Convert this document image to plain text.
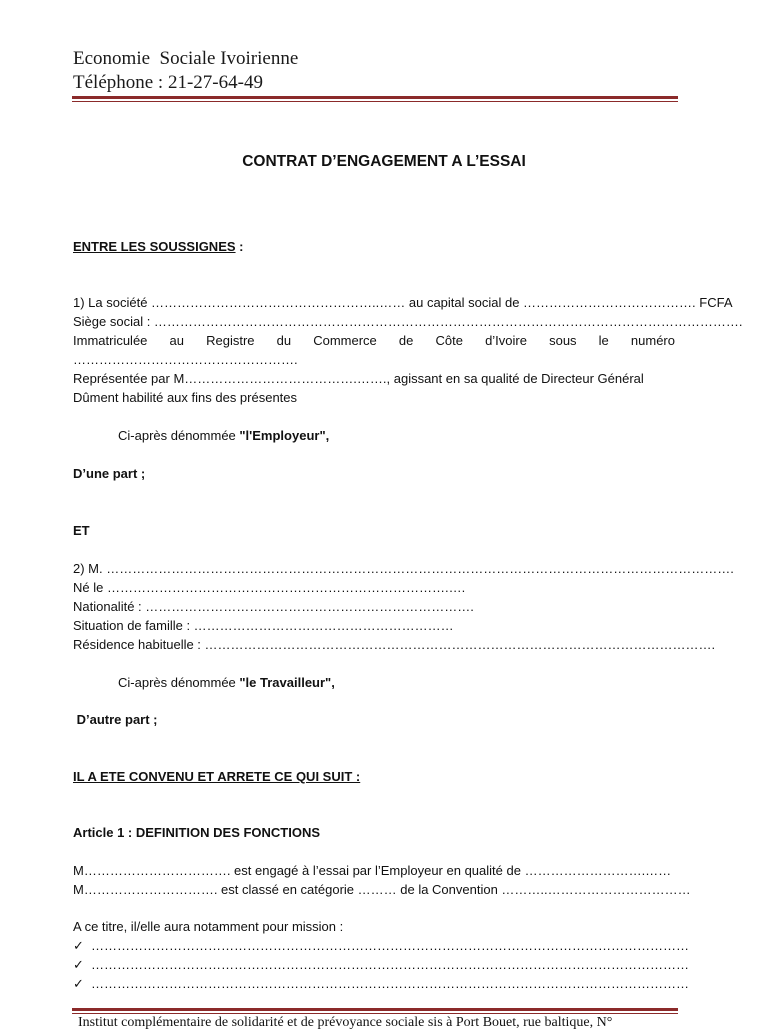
Economie  Sociale Ivoirienne
Téléphone : 21-27-64-49
CONTRAT D’ENGAGEMENT A L’ESSAI
ENTRE LES SOUSSIGNES :
1) La société ……………………………………………..…… au capital social de …………………………………. FCFA
Siège social : ……………………………………………………………………………………………………………………….
Immatriculée au Registre du Commerce de Côte d’Ivoire sous le numéro
…………………………………………….
Représentée par M………………………………….……., agissant en sa qualité de Directeur Général
Dûment habilité aux fins des présentes
Ci-après dénommée "l'Employeur",
D’une part ;
ET
2) M. ……………………………………………………………………………………………………………………………….
Né le …………………………………………………………………….….
Nationalité : ………………………………………………………………….
Situation de famille : ……………………………………………………
Résidence habituelle : ……………………………………………………………………………………………………….
Ci-après dénommée "le Travailleur",
D’autre part ;
IL A ETE CONVENU ET ARRETE CE QUI SUIT :
Article 1 : DEFINITION DES FONCTIONS
M……………………………. est engagé à l’essai par l’Employeur en qualité de ……………………….……
M…………………………. est classé en catégorie ……… de la Convention ………..……………………………
A ce titre, il/elle aura notamment pour mission :
✓ …………………………………………………………………………………………………………………………
✓ …………………………………………………………………………………………………………………………
✓ …………………………………………………………………………………………………………………………
Institut complémentaire de solidarité et de prévoyance sociale sis à Port Bouet, rue baltique, N°
